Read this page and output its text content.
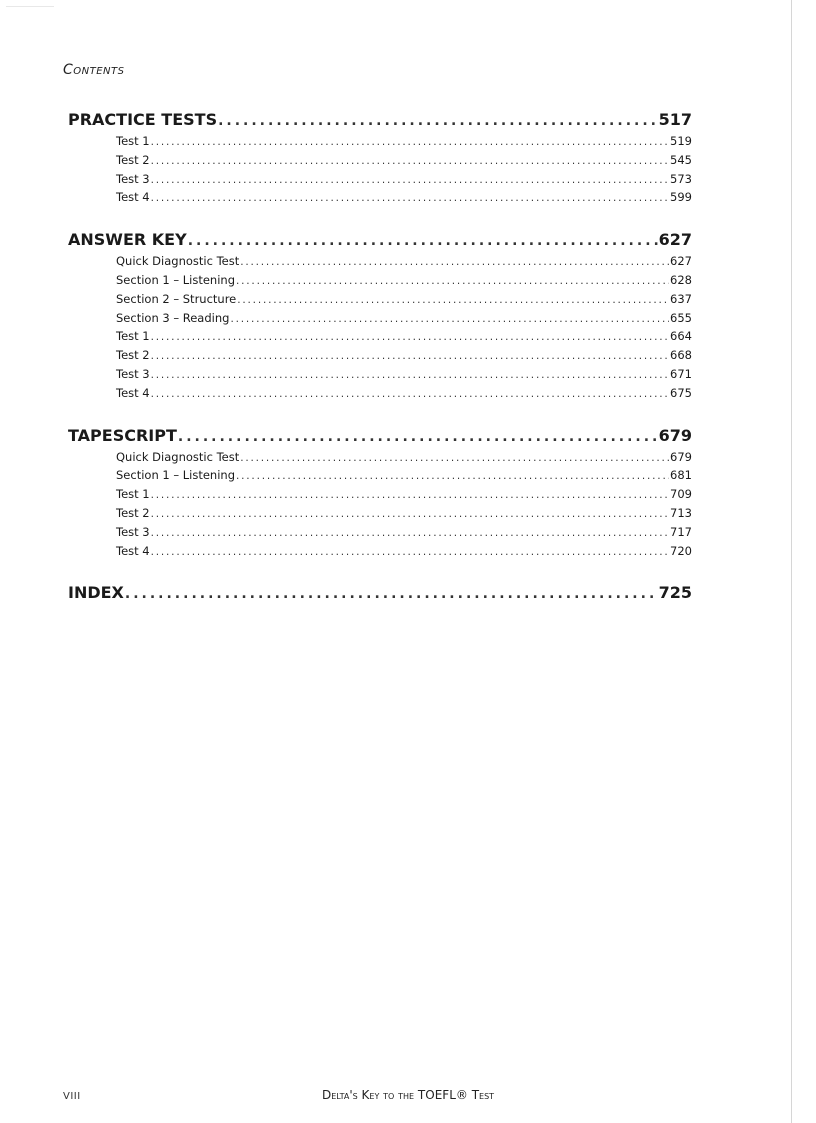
Contents
PRACTICE TESTS .....	517
Test 1 .....	519
Test 2 .....	545
Test 3 .....	573
Test 4 .....	599
ANSWER KEY .....	627
Quick Diagnostic Test .....	627
Section 1 – Listening .....	628
Section 2 – Structure .....	637
Section 3 – Reading .....	655
Test 1 .....	664
Test 2 .....	668
Test 3 .....	671
Test 4 .....	675
TAPESCRIPT .....	679
Quick Diagnostic Test .....	679
Section 1 – Listening .....	681
Test 1 .....	709
Test 2 .....	713
Test 3 .....	717
Test 4 .....	720
INDEX .....	725
VIII	Delta's Key to the TOEFL® Test
